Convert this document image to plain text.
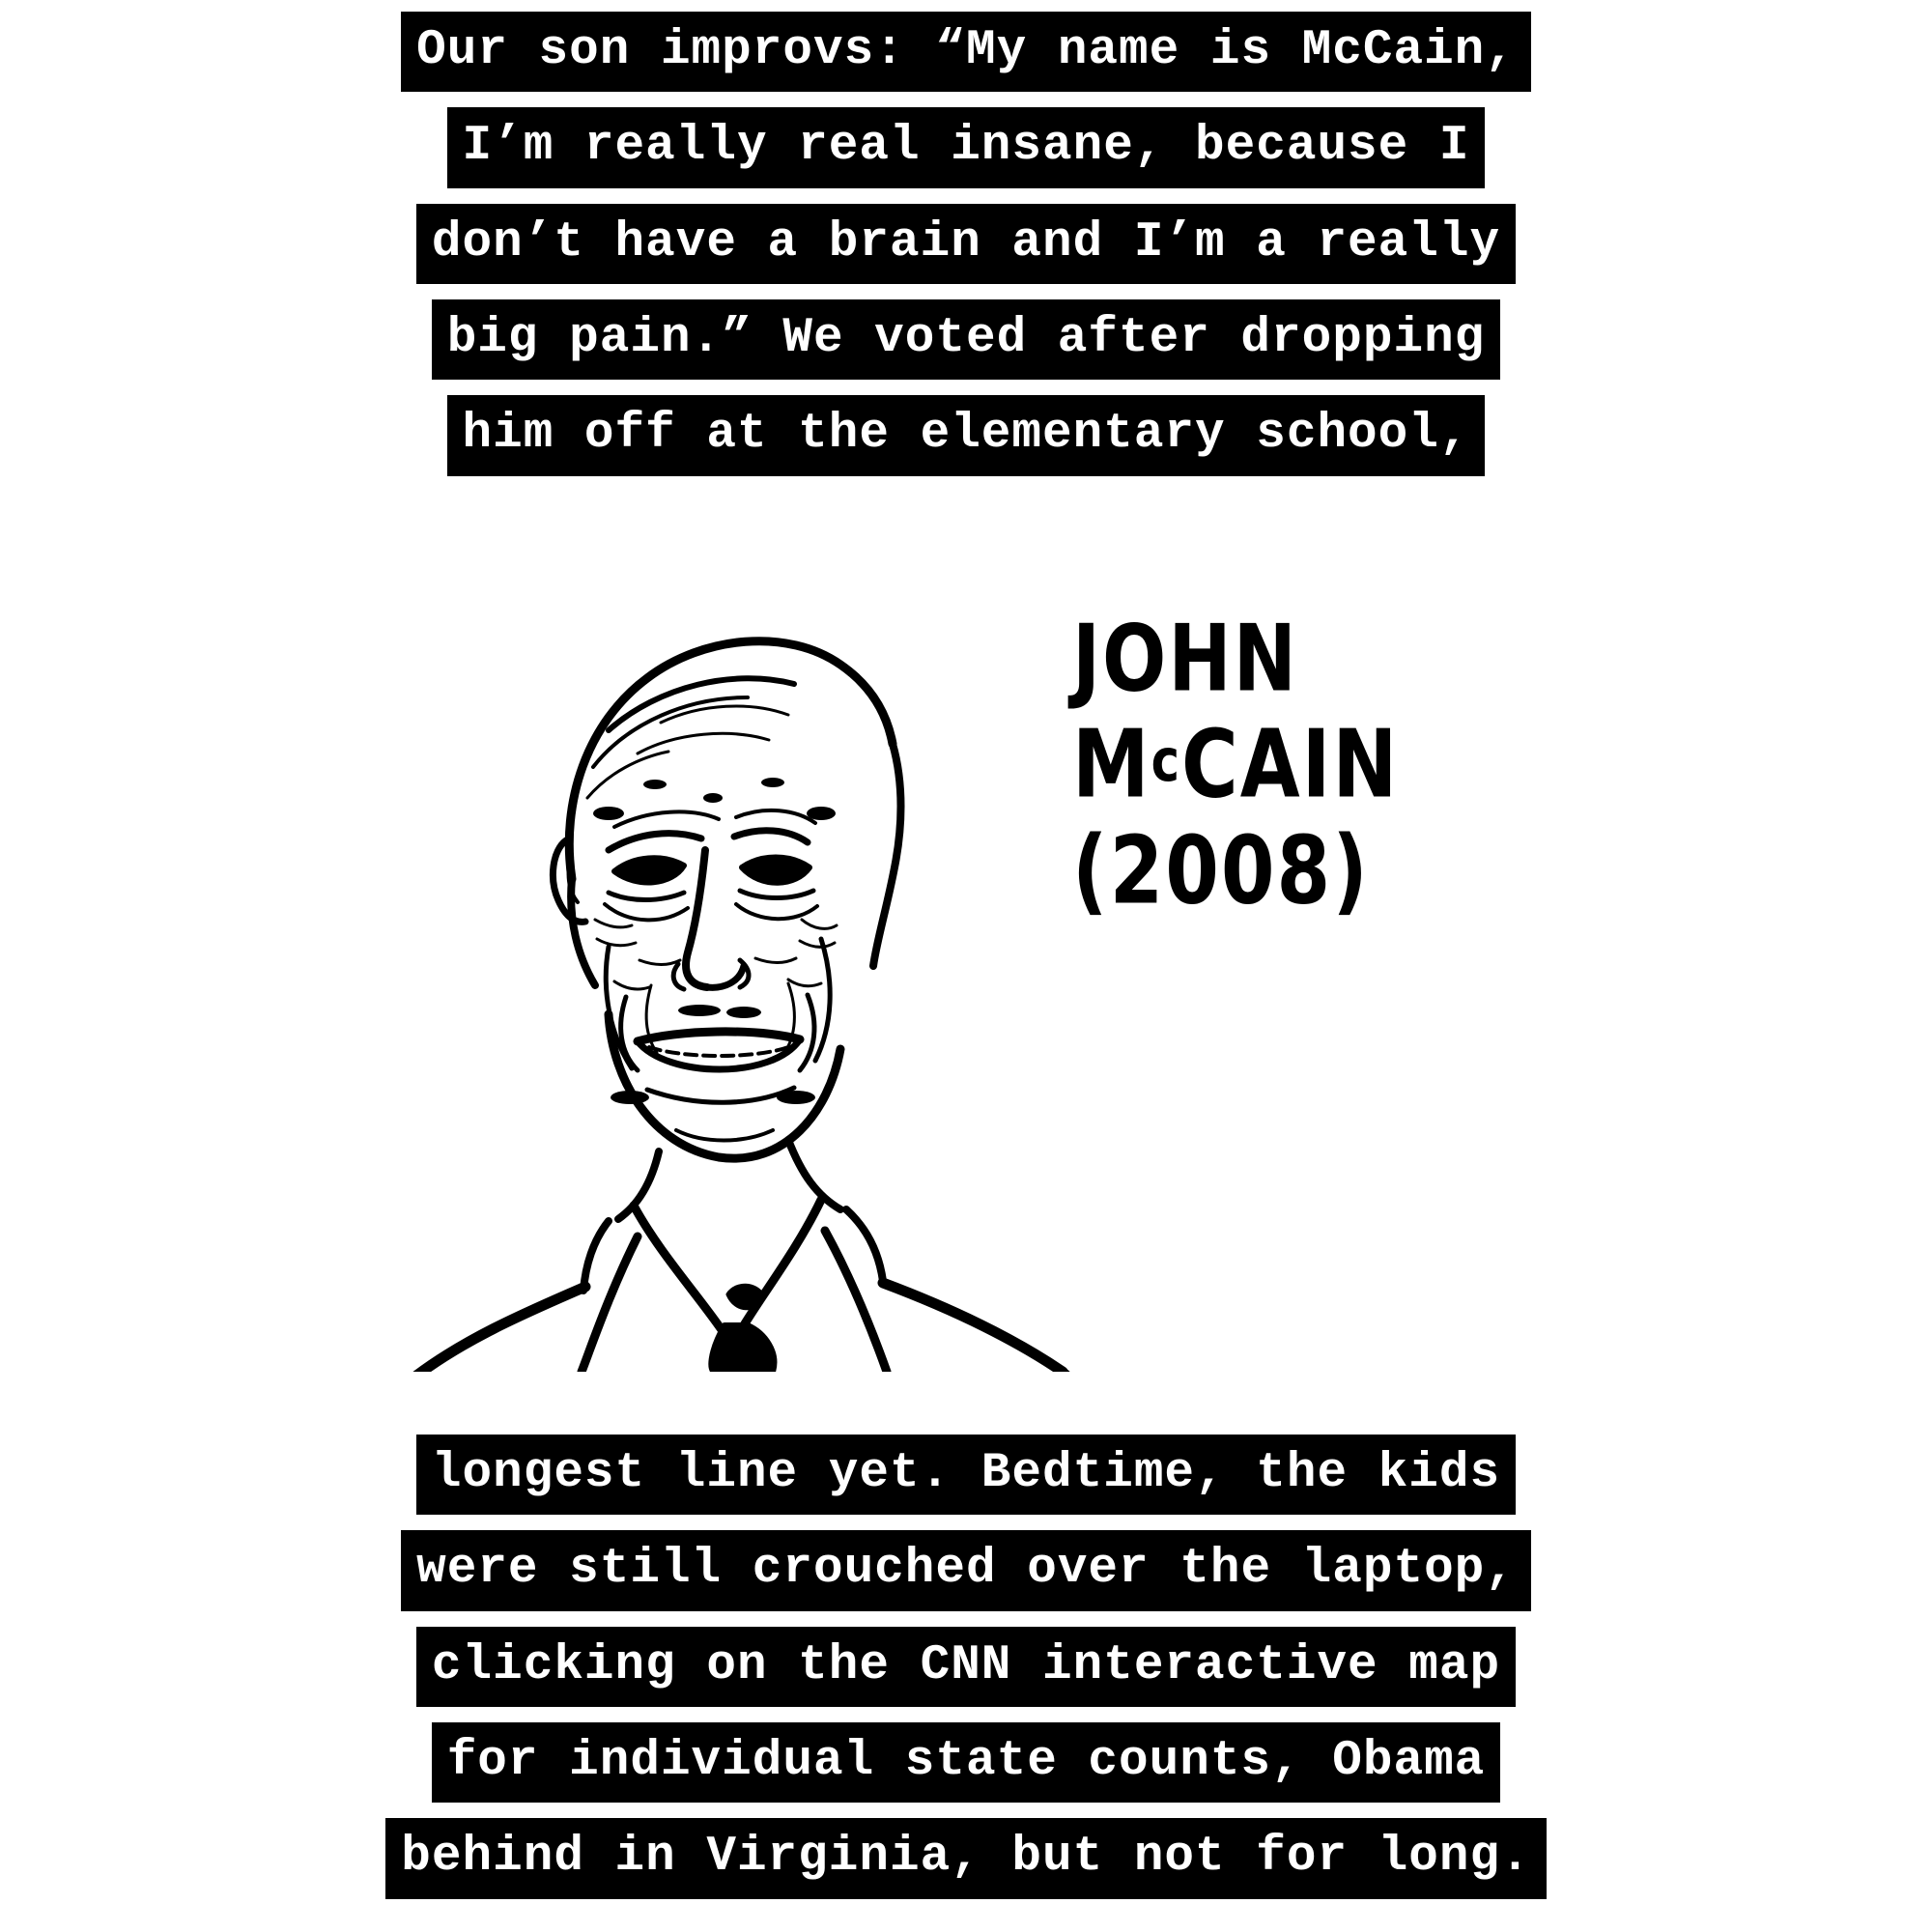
Our son improvs: “My name is McCain,
I’m really real insane, because I
don’t have a brain and I’m a really
big pain.” We voted after dropping
him off at the elementary school,
JOHN
McCAIN
(2008)
longest line yet. Bedtime, the kids
were still crouched over the laptop,
clicking on the CNN interactive map
for individual state counts, Obama
behind in Virginia, but not for long.
